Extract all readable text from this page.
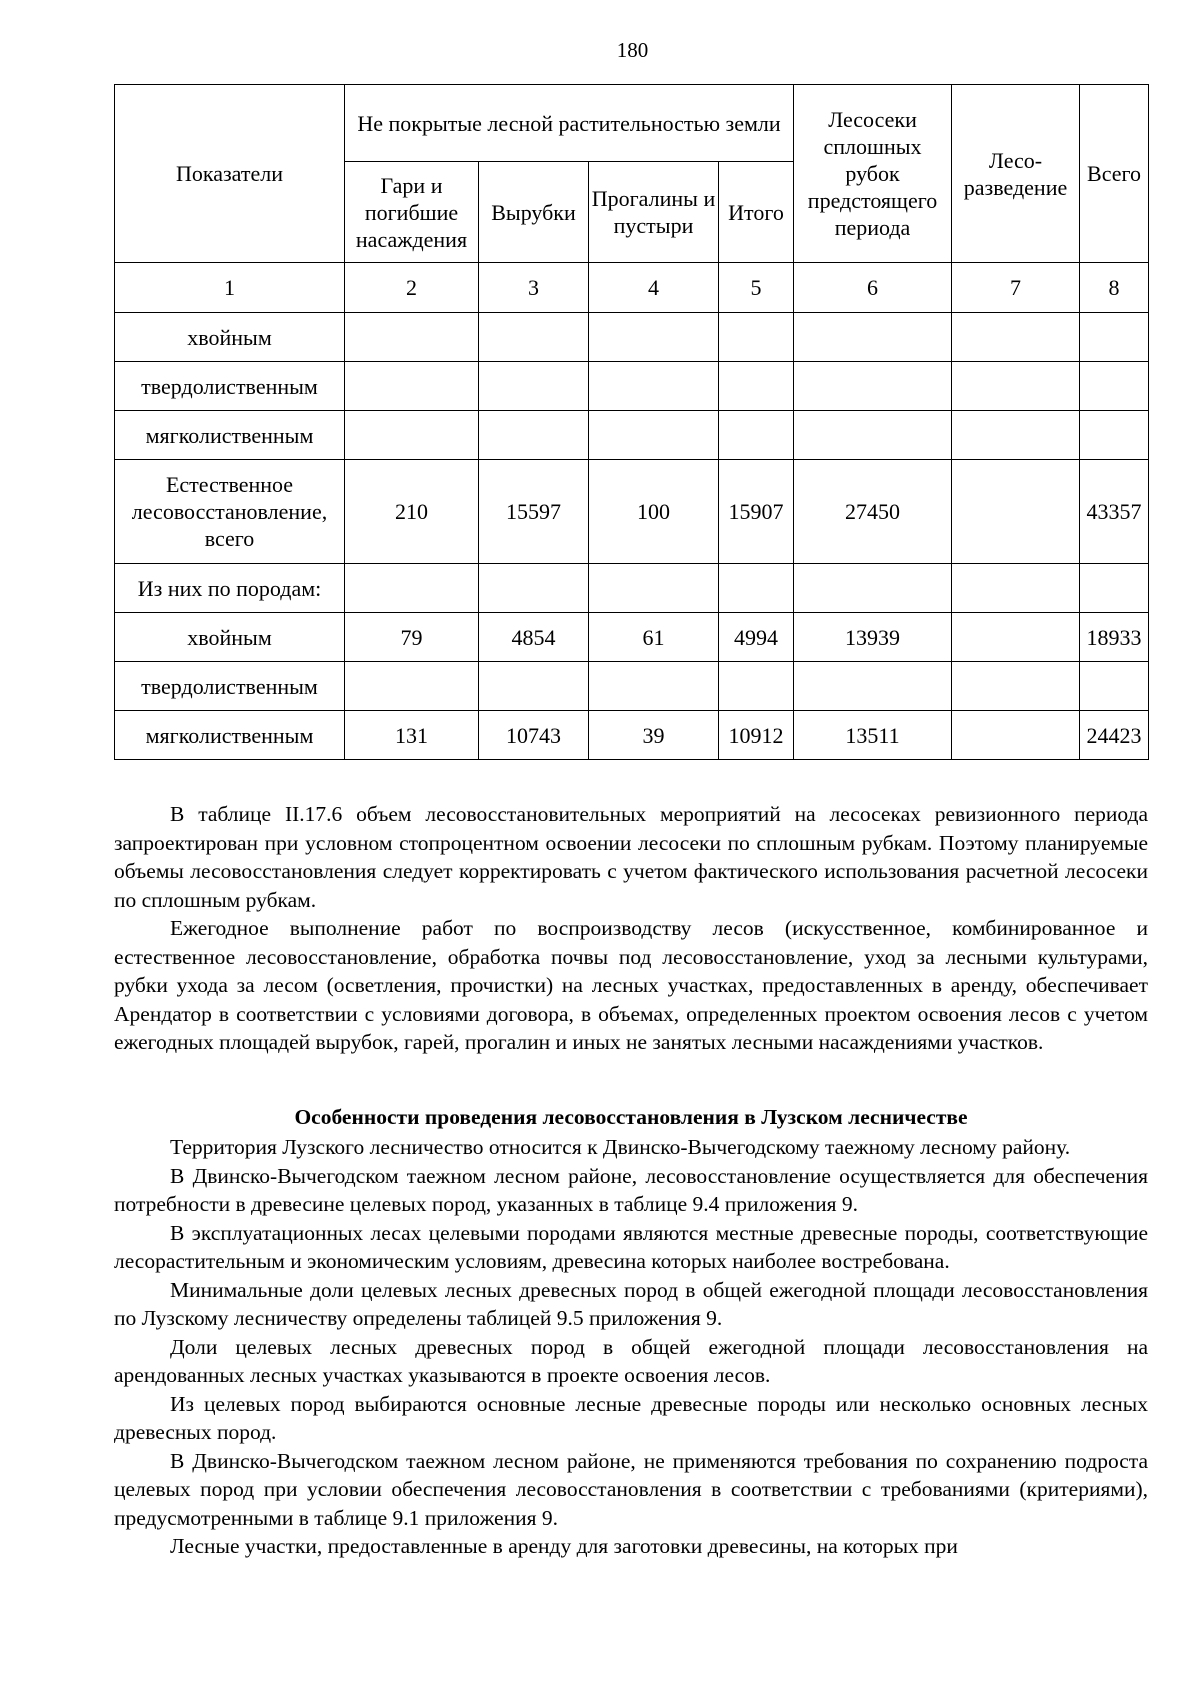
180
Показатели	Не покрытые лесной растительностью земли				Лесосеки сплошных рубок предстоящего периода	Лесо-разведение	Всего
	Гари и погибшие насаждения	Вырубки	Прогалины и пустыри	Итого			
1	2	3	4	5	6	7	8
хвойным							
твердолиственным							
мягколиственным							
Естественное лесовосстановление, всего	210	15597	100	15907	27450		43357
Из них по породам:							
хвойным	79	4854	61	4994	13939		18933
твердолиственным							
мягколиственным	131	10743	39	10912	13511		24423

В таблице II.17.6 объем лесовосстановительных мероприятий на лесосеках ревизионного периода запроектирован при условном стопроцентном освоении лесосеки по сплошным рубкам. Поэтому планируемые объемы лесовосстановления следует корректировать с учетом фактического использования расчетной лесосеки по сплошным рубкам.

Ежегодное выполнение работ по воспроизводству лесов (искусственное, комбинированное и естественное лесовосстановление, обработка почвы под лесовосстановление, уход за лесными культурами, рубки ухода за лесом (осветления, прочистки) на лесных участках, предоставленных в аренду, обеспечивает Арендатор в соответствии с условиями договора, в объемах, определенных проектом освоения лесов с учетом ежегодных площадей вырубок, гарей, прогалин и иных не занятых лесными насаждениями участков.

Особенности проведения лесовосстановления в Лузском лесничестве

Территория Лузского лесничество относится к Двинско-Вычегодскому таежному лесному району.

В Двинско-Вычегодском таежном лесном районе, лесовосстановление осуществляется для обеспечения потребности в древесине целевых пород, указанных в таблице 9.4 приложения 9.

В эксплуатационных лесах целевыми породами являются местные древесные породы, соответствующие лесорастительным и экономическим условиям, древесина которых наиболее востребована.

Минимальные доли целевых лесных древесных пород в общей ежегодной площади лесовосстановления по Лузскому лесничеству определены таблицей 9.5 приложения 9.

Доли целевых лесных древесных пород в общей ежегодной площади лесовосстановления на арендованных лесных участках указываются в проекте освоения лесов.

Из целевых пород выбираются основные лесные древесные породы или несколько основных лесных древесных пород.

В Двинско-Вычегодском таежном лесном районе, не применяются требования по сохранению подроста целевых пород при условии обеспечения лесовосстановления в соответствии с требованиями (критериями), предусмотренными в таблице 9.1 приложения 9.

Лесные участки, предоставленные в аренду для заготовки древесины, на которых при
